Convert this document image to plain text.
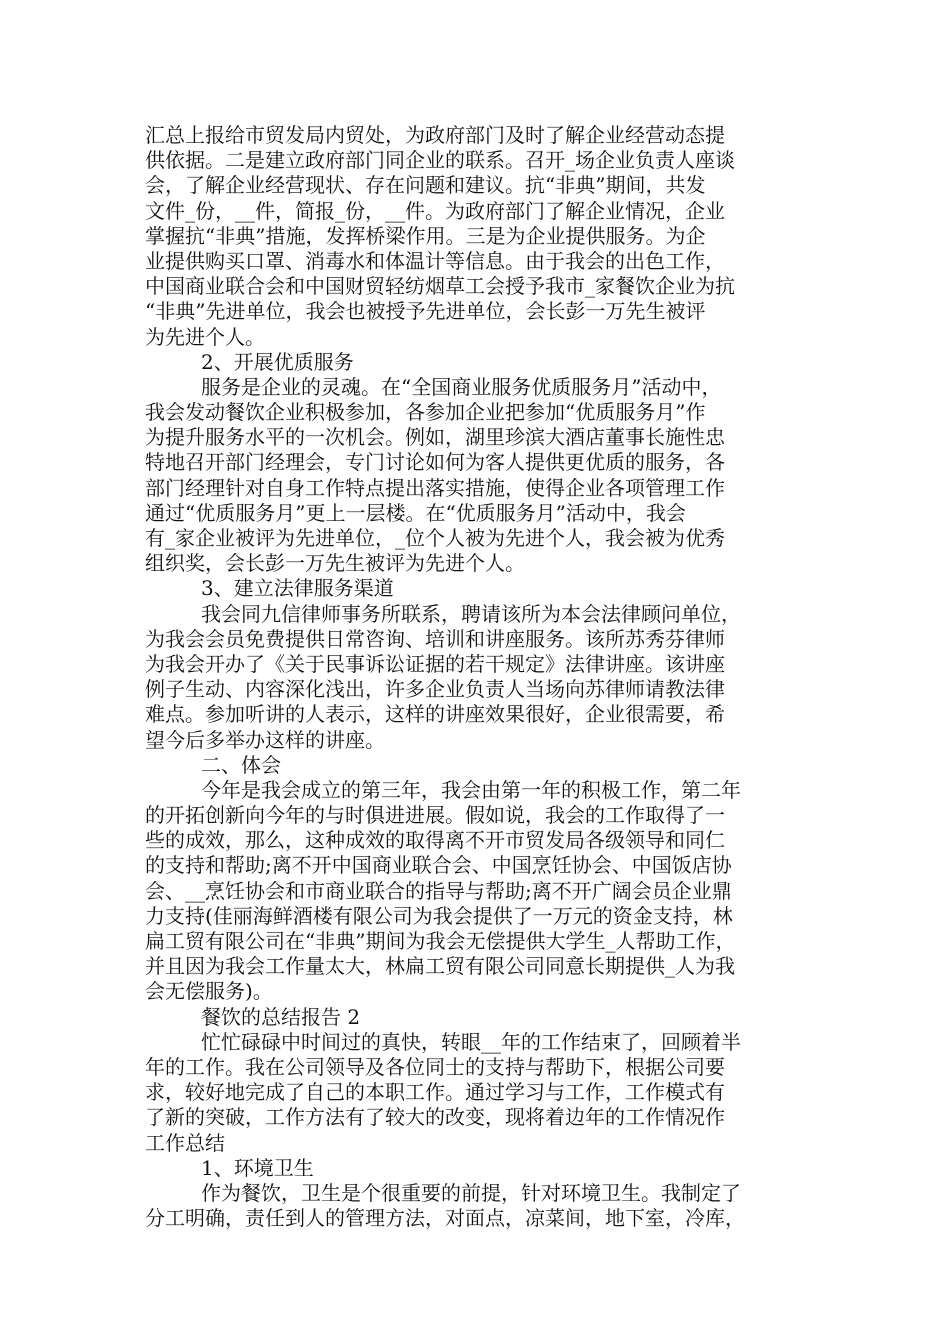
汇总上报给市贸发局内贸处，为政府部门及时了解企业经营动态提
供依据。二是建立政府部门同企业的联系。召开_场企业负责人座谈
会，了解企业经营现状、存在问题和建议。抗“非典”期间，共发
文件_份，__件，简报_份，__件。为政府部门了解企业情况，企业
掌握抗“非典”措施，发挥桥梁作用。三是为企业提供服务。为企
业提供购买口罩、消毒水和体温计等信息。由于我会的出色工作，
中国商业联合会和中国财贸轻纺烟草工会授予我市_家餐饮企业为抗
“非典”先进单位，我会也被授予先进单位，会长彭一万先生被评
为先进个人。
2、开展优质服务
服务是企业的灵魂。在“全国商业服务优质服务月”活动中，
我会发动餐饮企业积极参加，各参加企业把参加“优质服务月”作
为提升服务水平的一次机会。例如，湖里珍滨大酒店董事长施性忠
特地召开部门经理会，专门讨论如何为客人提供更优质的服务，各
部门经理针对自身工作特点提出落实措施，使得企业各项管理工作
通过“优质服务月”更上一层楼。在“优质服务月”活动中，我会
有_家企业被评为先进单位，_位个人被为先进个人，我会被为优秀
组织奖，会长彭一万先生被评为先进个人。
3、建立法律服务渠道
我会同九信律师事务所联系，聘请该所为本会法律顾问单位，
为我会会员免费提供日常咨询、培训和讲座服务。该所苏秀芬律师
为我会开办了《关于民事诉讼证据的若干规定》法律讲座。该讲座
例子生动、内容深化浅出，许多企业负责人当场向苏律师请教法律
难点。参加听讲的人表示，这样的讲座效果很好，企业很需要，希
望今后多举办这样的讲座。
二、体会
今年是我会成立的第三年，我会由第一年的积极工作，第二年
的开拓创新向今年的与时俱进进展。假如说，我会的工作取得了一
些的成效，那么，这种成效的取得离不开市贸发局各级领导和同仁
的支持和帮助;离不开中国商业联合会、中国烹饪协会、中国饭店协
会、__烹饪协会和市商业联合的指导与帮助;离不开广阔会员企业鼎
力支持(佳丽海鲜酒楼有限公司为我会提供了一万元的资金支持，林
扁工贸有限公司在“非典”期间为我会无偿提供大学生_人帮助工作，
并且因为我会工作量太大，林扁工贸有限公司同意长期提供_人为我
会无偿服务)。
餐饮的总结报告 2
忙忙碌碌中时间过的真快，转眼__年的工作结束了，回顾着半
年的工作。我在公司领导及各位同士的支持与帮助下，根据公司要
求，较好地完成了自己的本职工作。通过学习与工作，工作模式有
了新的突破，工作方法有了较大的改变，现将着边年的工作情况作
工作总结
1、环境卫生
作为餐饮，卫生是个很重要的前提，针对环境卫生。我制定了
分工明确，责任到人的管理方法，对面点，凉菜间，地下室，冷库，
